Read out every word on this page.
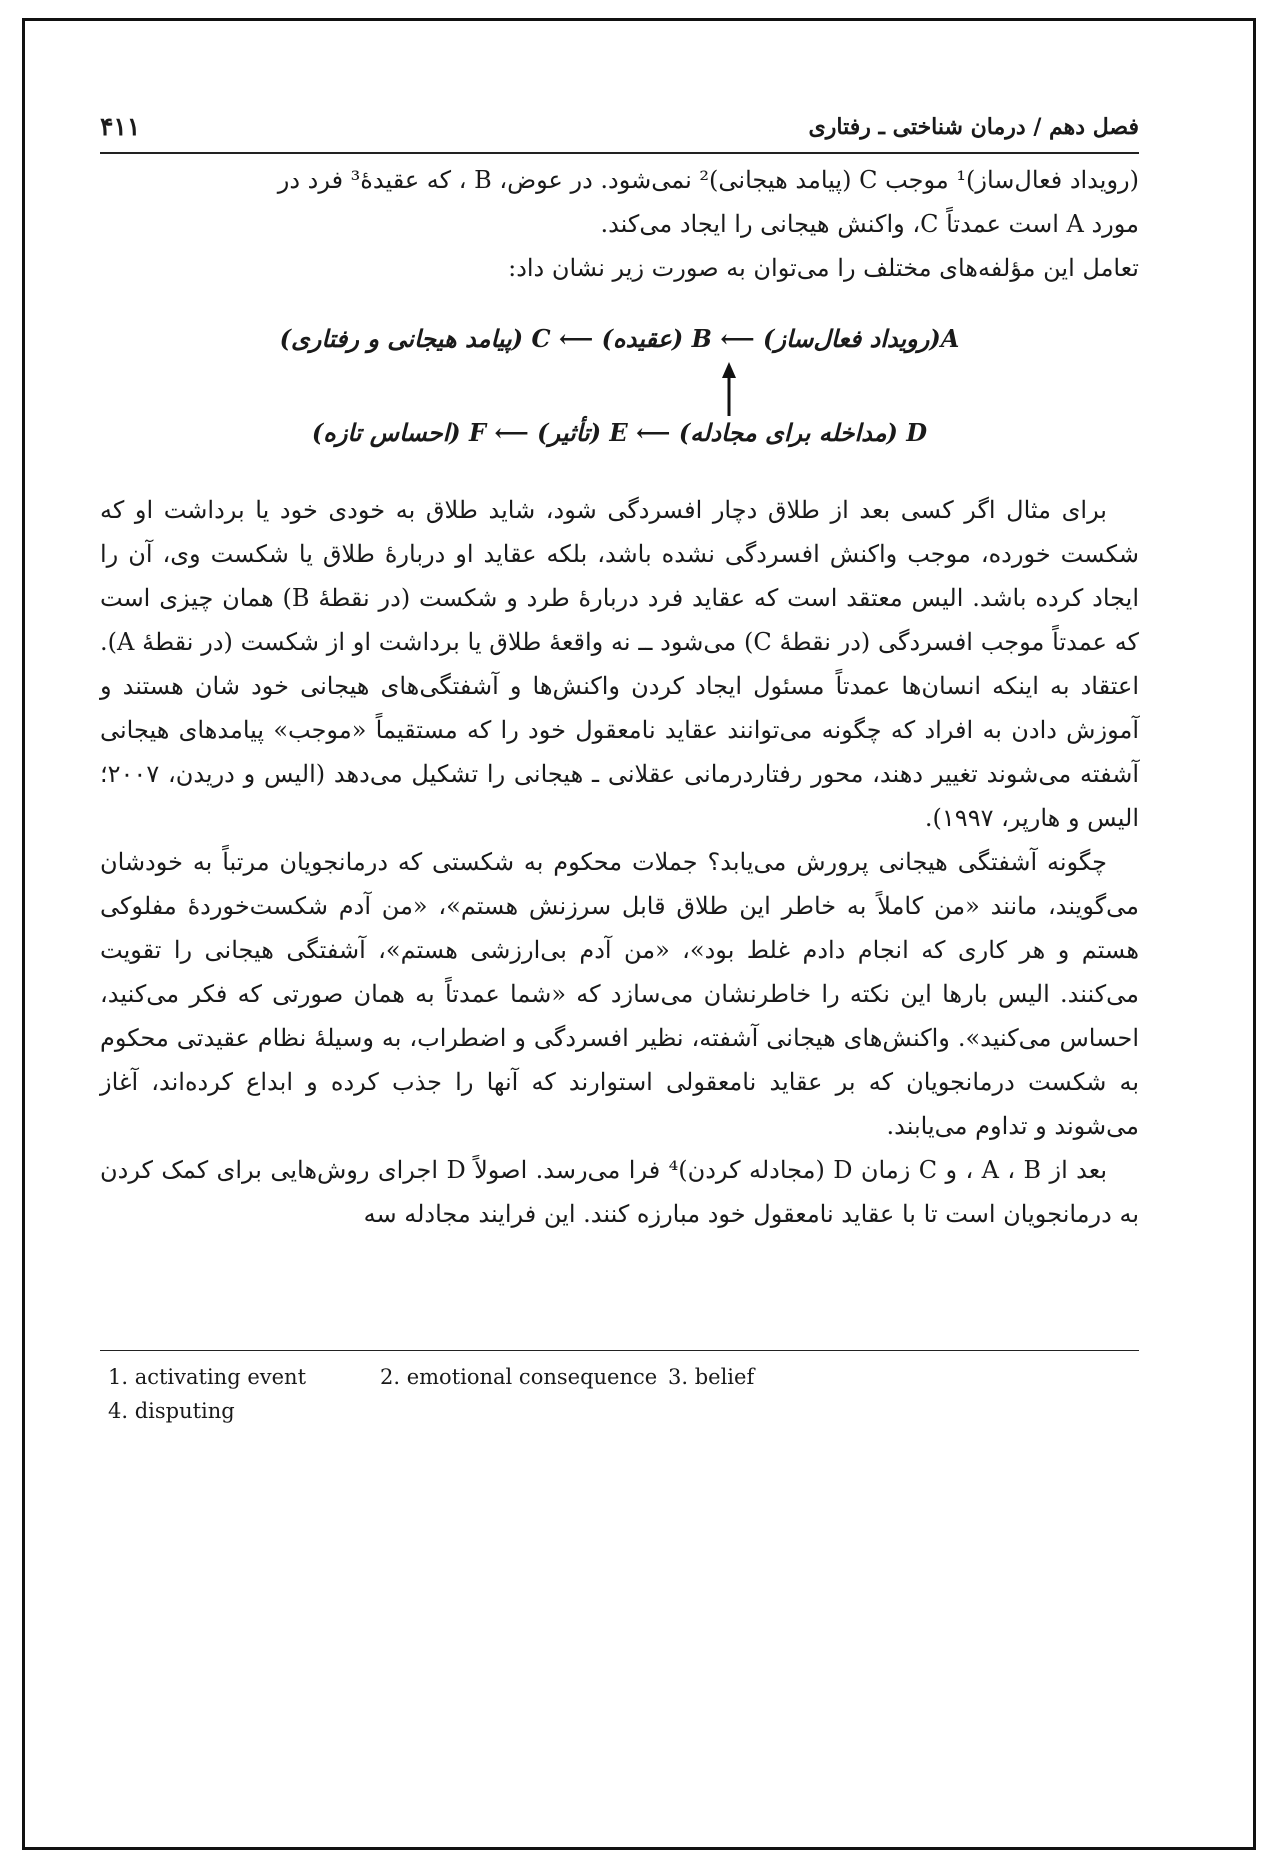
۴۱۱	فصل دهم / درمان شناختی ـ رفتاری
(رویداد فعال‌ساز)¹ موجب C (پیامد هیجانی)² نمی‌شود. در عوض، B ، که عقیدهٔ³ فرد در
مورد A است عمدتاً C، واکنش هیجانی را ایجاد می‌کند.
تعامل این مؤلفه‌های مختلف را می‌توان به صورت زیر نشان داد:
A(رویداد فعال‌ساز) ⟵ B (عقیده) ⟵ C (پیامد هیجانی و رفتاری)
D (مداخله برای مجادله) ⟵ E (تأثیر) ⟵ F (احساس تازه)

برای مثال اگر کسی بعد از طلاق دچار افسردگی شود، شاید طلاق به خودی خود یا برداشت او که شکست خورده، موجب واکنش افسردگی نشده باشد، بلکه عقاید او دربارهٔ طلاق یا شکست وی، آن را ایجاد کرده باشد. الیس معتقد است که عقاید فرد دربارهٔ طرد و شکست (در نقطهٔ B) همان چیزی است که عمدتاً موجب افسردگی (در نقطهٔ C) می‌شود ــ نه واقعهٔ طلاق یا برداشت او از شکست (در نقطهٔ A). اعتقاد به اینکه انسان‌ها عمدتاً مسئول ایجاد کردن واکنش‌ها و آشفتگی‌های هیجانی خود شان هستند و آموزش دادن به افراد که چگونه می‌توانند عقاید نامعقول خود را که مستقیماً «موجب» پیامدهای هیجانی آشفته می‌شوند تغییر دهند، محور رفتاردرمانی عقلانی ـ هیجانی را تشکیل می‌دهد (الیس و دریدن، ۲۰۰۷؛ الیس و هارپر، ۱۹۹۷).

چگونه آشفتگی هیجانی پرورش می‌یابد؟ جملات محکوم به شکستی که درمانجویان مرتباً به خودشان می‌گویند، مانند «من کاملاً به خاطر این طلاق قابل سرزنش هستم»، «من آدم شکست‌خوردهٔ مفلوکی هستم و هر کاری که انجام دادم غلط بود»، «من آدم بی‌ارزشی هستم»، آشفتگی هیجانی را تقویت می‌کنند. الیس بارها این نکته را خاطرنشان می‌سازد که «شما عمدتاً به همان صورتی که فکر می‌کنید، احساس می‌کنید». واکنش‌های هیجانی آشفته، نظیر افسردگی و اضطراب، به وسیلهٔ نظام عقیدتی محکوم به شکست درمانجویان که بر عقاید نامعقولی استوارند که آنها را جذب کرده و ابداع کرده‌اند، آغاز می‌شوند و تداوم می‌یابند.

بعد از A ، B ، و C زمان D (مجادله کردن)⁴ فرا می‌رسد. اصولاً D اجرای روش‌هایی برای کمک کردن به درمانجویان است تا با عقاید نامعقول خود مبارزه کنند. این فرایند مجادله سه

1. activating event	2. emotional consequence 3. belief
4. disputing
